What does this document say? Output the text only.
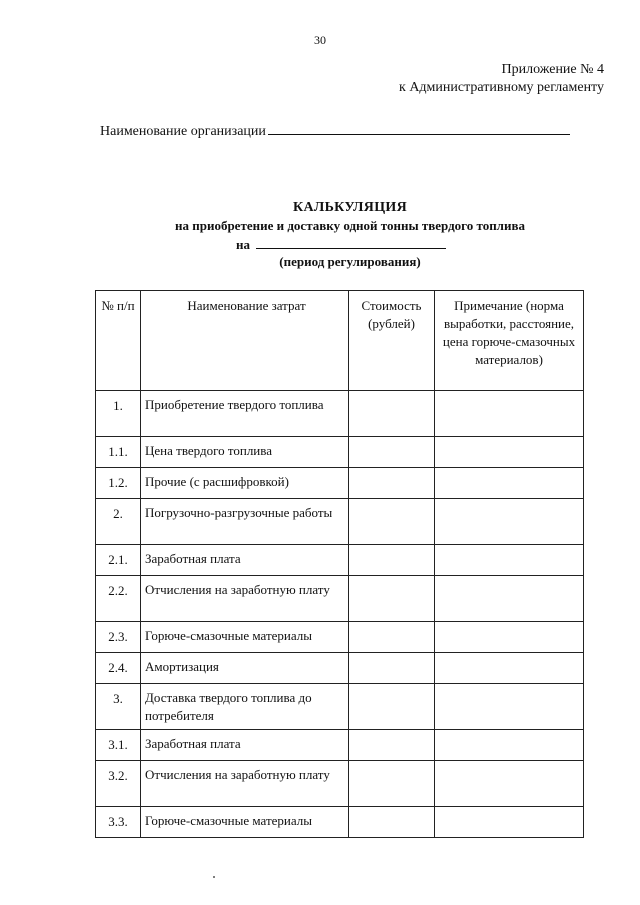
30
Приложение № 4
к Административному регламенту
Наименование организации
КАЛЬКУЛЯЦИЯ
на приобретение и доставку одной тонны твердого топлива
на
(период регулирования)
№ п/п	Наименование затрат	Стоимость (рублей)	Примечание (норма выработки, расстояние, цена горюче-смазочных материалов)
1.	Приобретение твердого топлива		
1.1.	Цена твердого топлива		
1.2.	Прочие (с расшифровкой)		
2.	Погрузочно-разгрузочные работы		
2.1.	Заработная плата		
2.2.	Отчисления на заработную плату		
2.3.	Горюче-смазочные материалы		
2.4.	Амортизация		
3.	Доставка твердого топлива до потребителя		
3.1.	Заработная плата		
3.2.	Отчисления на заработную плату		
3.3.	Горюче-смазочные материалы		
